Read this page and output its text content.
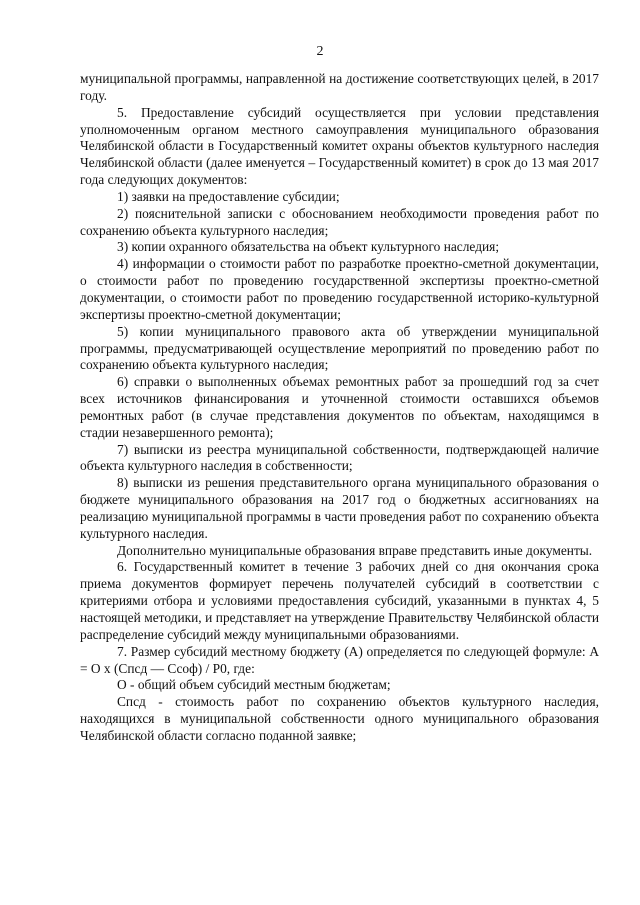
2

муниципальной программы, направленной на достижение соответствующих целей, в 2017 году.

5. Предоставление субсидий осуществляется при условии представления уполномоченным органом местного самоуправления муниципального образования Челябинской области в Государственный комитет охраны объектов культурного наследия Челябинской области (далее именуется – Государственный комитет) в срок до 13 мая 2017 года следующих документов:

1) заявки на предоставление субсидии;

2) пояснительной записки с обоснованием необходимости проведения работ по сохранению объекта культурного наследия;

3) копии охранного обязательства на объект культурного наследия;

4) информации о стоимости работ по разработке проектно-сметной документации, о стоимости работ по проведению государственной экспертизы проектно-сметной документации, о стоимости работ по проведению государственной историко-культурной экспертизы проектно-сметной документации;

5) копии муниципального правового акта об утверждении муниципальной программы, предусматривающей осуществление мероприятий по проведению работ по сохранению объекта культурного наследия;

6) справки о выполненных объемах ремонтных работ за прошедший год за счет всех источников финансирования и уточненной стоимости оставшихся объемов ремонтных работ (в случае представления документов по объектам, находящимся в стадии незавершенного ремонта);

7) выписки из реестра муниципальной собственности, подтверждающей наличие объекта культурного наследия в собственности;

8) выписки из решения представительного органа муниципального образования о бюджете муниципального образования на 2017 год о бюджетных ассигнованиях на реализацию муниципальной программы в части проведения работ по сохранению объекта культурного наследия.

Дополнительно муниципальные образования вправе представить иные документы.

6. Государственный комитет в течение 3 рабочих дней со дня окончания срока приема документов формирует перечень получателей субсидий в соответствии с критериями отбора и условиями предоставления субсидий, указанными в пунктах 4, 5 настоящей методики, и представляет на утверждение Правительству Челябинской области распределение субсидий между муниципальными образованиями.

7. Размер субсидий местному бюджету (А) определяется по следующей формуле: А = О х (Спсд — Ссоф) / Р0, где:

О - общий объем субсидий местным бюджетам;

Спсд - стоимость работ по сохранению объектов культурного наследия, находящихся в муниципальной собственности одного муниципального образования Челябинской области согласно поданной заявке;
